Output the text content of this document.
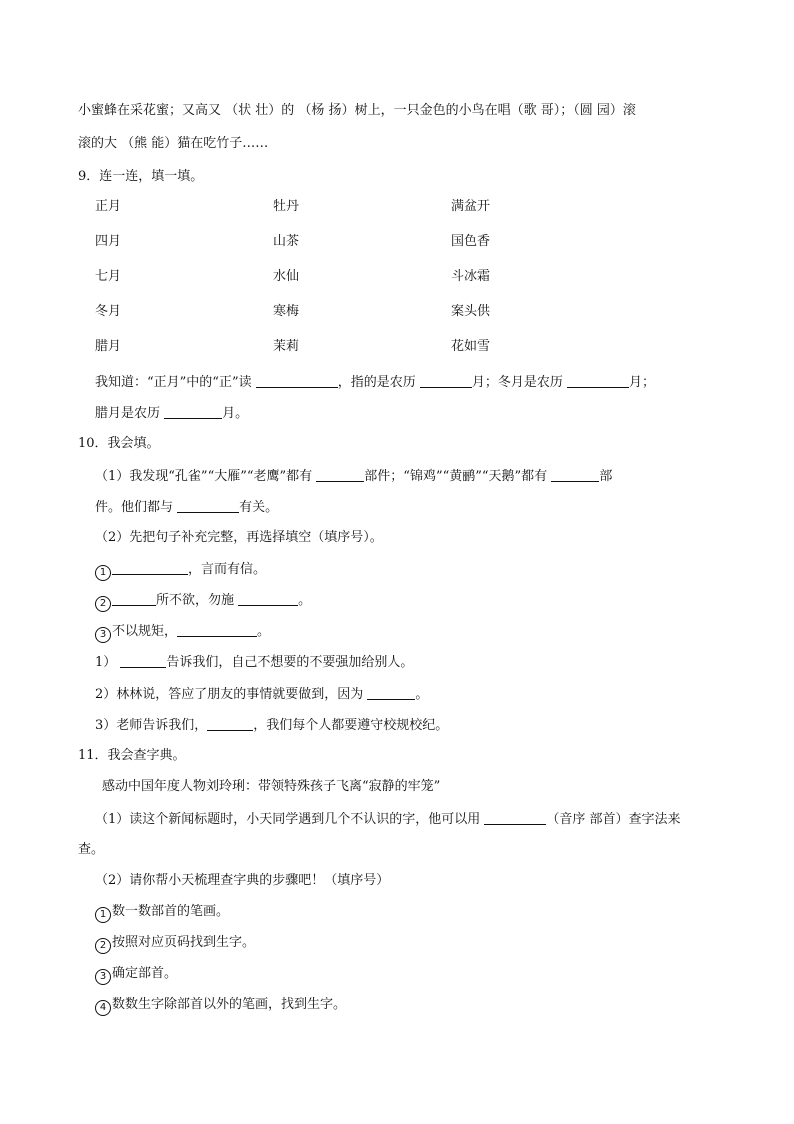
小蜜蜂在采花蜜；又高又 （状 壮）的 （杨 扬）树上，一只金色的小鸟在唱（歌 哥）；（圆 园）滚
滚的大 （熊 能）猫在吃竹子……
9．连一连，填一填。
正月	牡丹	满盆开
四月	山茶	国色香
七月	水仙	斗冰霜
冬月	寒梅	案头供
腊月	茉莉	花如雪
我知道：“正月”中的“正”读	，指的是农历	月；冬月是农历	月；
腊月是农历	月。
10．我会填。
（1）我发现“孔雀”“大雁”“老鹰”都有	部件；“锦鸡”“黄鹂”“天鹅”都有	部
件。他们都与	有关。
（2）先把句子补充完整，再选择填空（填序号）。
1	，言而有信。
2	所不欲，勿施	。
3 不以规矩，	。
1）	告诉我们，自己不想要的不要强加给别人。
2）林林说，答应了朋友的事情就要做到，因为	。
3）老师告诉我们，	，我们每个人都要遵守校规校纪。
11．我会查字典。
感动中国年度人物刘玲琍：带领特殊孩子飞离“寂静的牢笼”
（1）读这个新闻标题时，小天同学遇到几个不认识的字，他可以用	（音序 部首）查字法来
查。
（2）请你帮小天梳理查字典的步骤吧！（填序号）
1 数一数部首的笔画。
2 按照对应页码找到生字。
3 确定部首。
4 数数生字除部首以外的笔画，找到生字。
